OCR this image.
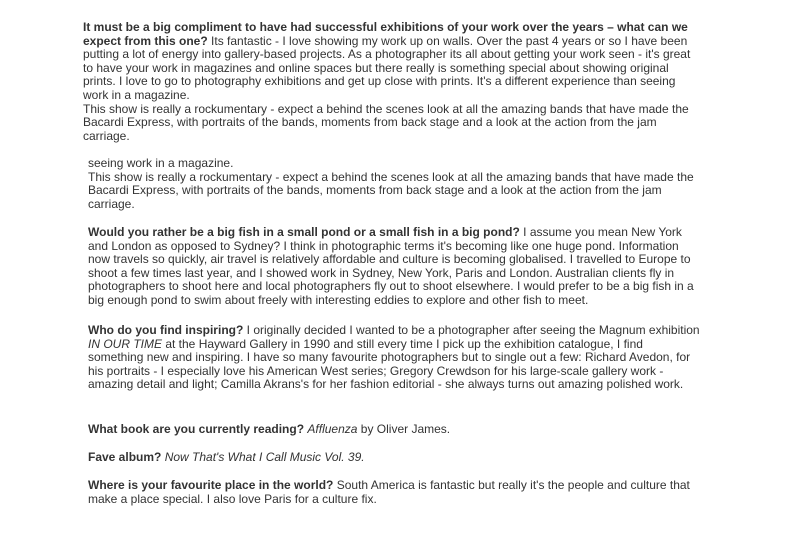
It must be a big compliment to have had successful exhibitions of your work over the years – what can we expect from this one? Its fantastic - I love showing my work up on walls. Over the past 4 years or so I have been putting a lot of energy into gallery-based projects. As a photographer its all about getting your work seen - it's great to have your work in magazines and online spaces but there really is something special about showing original prints. I love to go to photography exhibitions and get up close with prints. It's a different experience than seeing work in a magazine.
This show is really a rockumentary - expect a behind the scenes look at all the amazing bands that have made the Bacardi Express, with portraits of the bands, moments from back stage and a look at the action from the jam carriage.

seeing work in a magazine.
This show is really a rockumentary - expect a behind the scenes look at all the amazing bands that have made the Bacardi Express, with portraits of the bands, moments from back stage and a look at the action from the jam carriage.

Would you rather be a big fish in a small pond or a small fish in a big pond? I assume you mean New York and London as opposed to Sydney? I think in photographic terms it's becoming like one huge pond. Information now travels so quickly, air travel is relatively affordable and culture is becoming globalised. I travelled to Europe to shoot a few times last year, and I showed work in Sydney, New York, Paris and London. Australian clients fly in photographers to shoot here and local photographers fly out to shoot elsewhere. I would prefer to be a big fish in a big enough pond to swim about freely with interesting eddies to explore and other fish to meet.

Who do you find inspiring? I originally decided I wanted to be a photographer after seeing the Magnum exhibition IN OUR TIME at the Hayward Gallery in 1990 and still every time I pick up the exhibition catalogue, I find something new and inspiring. I have so many favourite photographers but to single out a few: Richard Avedon, for his portraits - I especially love his American West series; Gregory Crewdson for his large-scale gallery work - amazing detail and light; Camilla Akrans's for her fashion editorial - she always turns out amazing polished work.

What book are you currently reading? Affluenza by Oliver James.

Fave album? Now That's What I Call Music Vol. 39.

Where is your favourite place in the world? South America is fantastic but really it's the people and culture that make a place special. I also love Paris for a culture fix.
